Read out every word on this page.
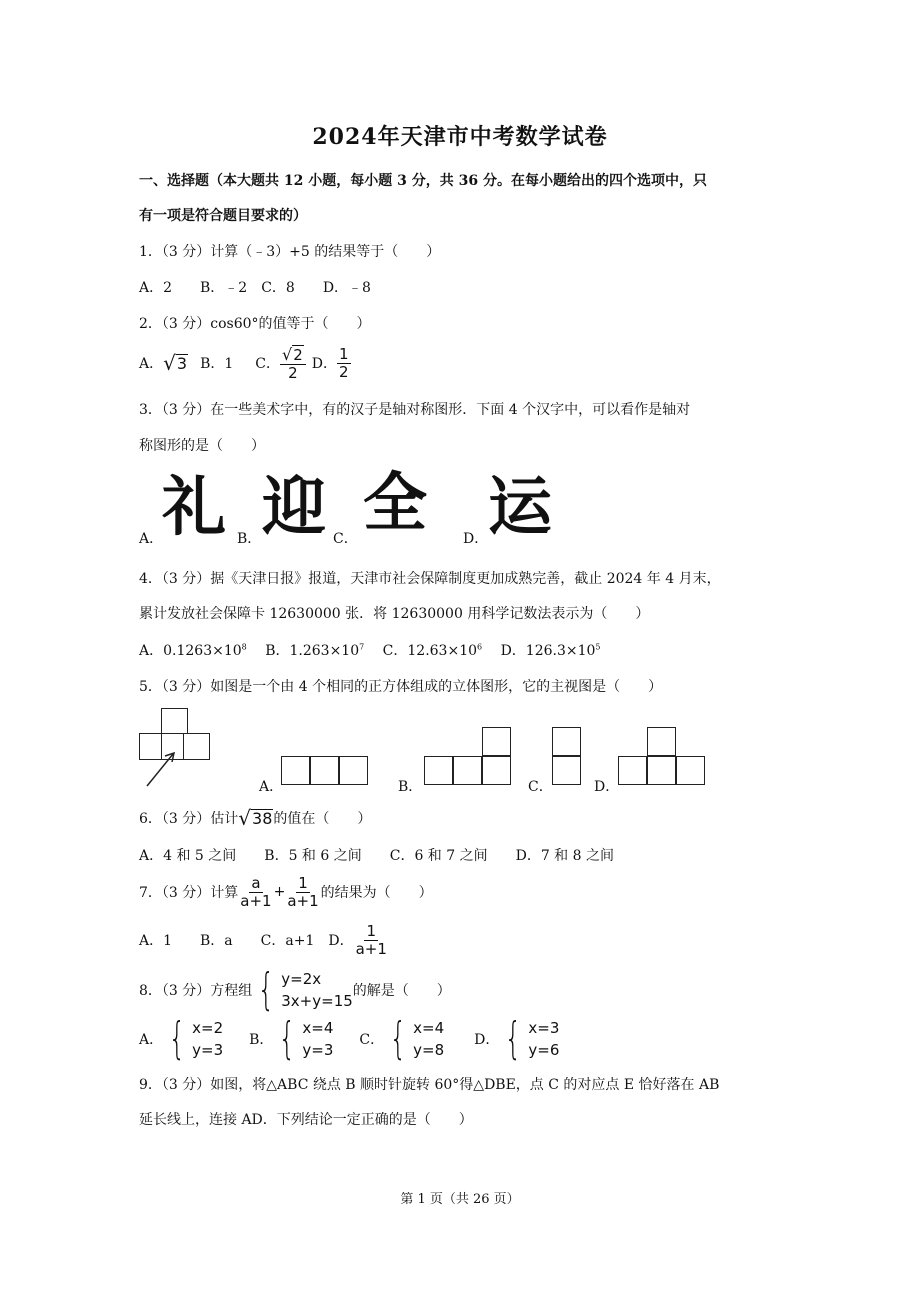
2024年天津市中考数学试卷
一、选择题（本大题共 12 小题，每小题 3 分，共 36 分。在每小题给出的四个选项中，只
有一项是符合题目要求的）
1．（3 分）计算（﹣3）+5 的结果等于（　　）
A．2　　B．﹣2　C．8　　D．﹣8
2．（3 分）cos60°的值等于（　　）
A． √ 3 B．1 C． $\frac{√ 2}{2}$ D． $\frac{1}{2}$
3．（3 分）在一些美术字中，有的汉子是轴对称图形．下面 4 个汉字中，可以看作是轴对
称图形的是（　　）
A．
礼 B． 迎 C． 全	D． 运
4．（3 分）据《天津日报》报道，天津市社会保障制度更加成熟完善，截止 2024 年 4 月末，
累计发放社会保障卡 12630000 张．将 12630000 用科学记数法表示为（　　）
A．$0.1263\times 10^8$ B．$1.263\times 10^7$ C．$12.63\times 10^6$ D．$126.3\times 10^5$
5．（3 分）如图是一个由 4 个相同的正方体组成的立体图形，它的主视图是（　　）
A．	B．	C．	D．
6．（3 分）估计 √ 38 的值在（　　）
A．4 和 5 之间　　B．5 和 6 之间　　C．6 和 7 之间　　D．7 和 8 之间
7．（3 分）计算 $\frac{a}{a+1} + \frac{1}{a+1}$ 的结果为（　　）
A．1　　B．a　　C．a+1　D． $\frac{1}{a+1}$
8．（3 分）方程组 { y=2x
3x+y=15
的解是（　　）
A． { x=2
y=3
B． { x=4
y=3
C． { x=4
y=8
D． { x=3
y=6
9．（3 分）如图，将△ABC 绕点 B 顺时针旋转 60°得△DBE，点 C 的对应点 E 恰好落在 AB
延长线上，连接 AD．下列结论一定正确的是（　　）
第 1 页（共 26 页）
